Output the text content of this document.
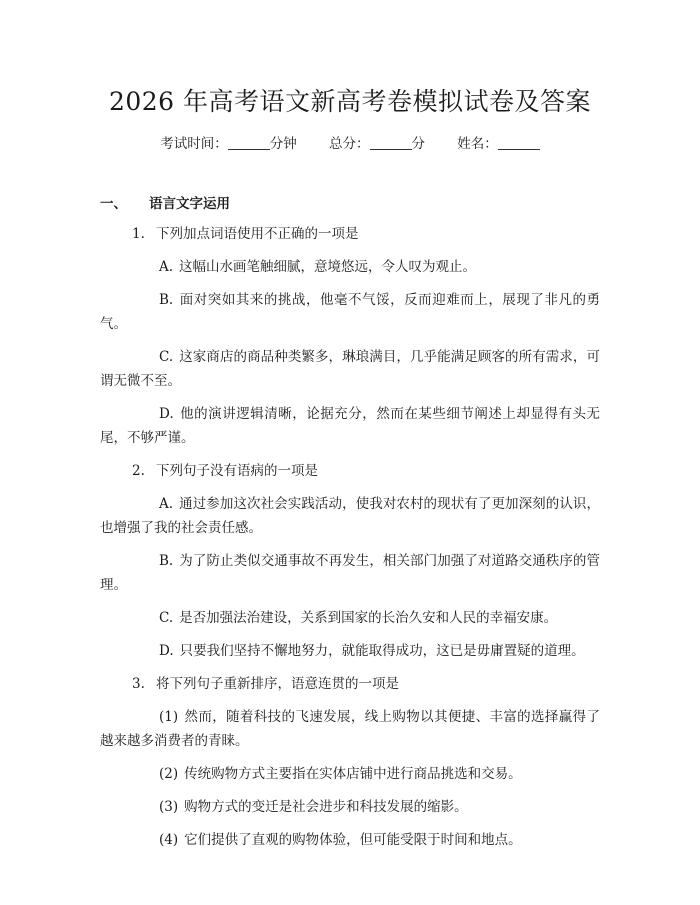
2026 年高考语文新高考卷模拟试卷及答案
考试时间：	分钟 总分：	分 姓名：
一、 语言文字运用
1. 下列加点词语使用不正确的一项是
A. 这幅山水画笔触细腻，意境悠远，令人叹为观止。
B. 面对突如其来的挑战，他毫不气馁，反而迎难而上，展现了非凡的勇气。
C. 这家商店的商品种类繁多，琳琅满目，几乎能满足顾客的所有需求，可谓无微不至。
D. 他的演讲逻辑清晰，论据充分，然而在某些细节阐述上却显得有头无尾，不够严谨。
2. 下列句子没有语病的一项是
A. 通过参加这次社会实践活动，使我对农村的现状有了更加深刻的认识，也增强了我的社会责任感。
B. 为了防止类似交通事故不再发生，相关部门加强了对道路交通秩序的管理。
C. 是否加强法治建设，关系到国家的长治久安和人民的幸福安康。
D. 只要我们坚持不懈地努力，就能取得成功，这已是毋庸置疑的道理。
3. 将下列句子重新排序，语意连贯的一项是
(1) 然而，随着科技的飞速发展，线上购物以其便捷、丰富的选择赢得了越来越多消费者的青睐。
(2) 传统购物方式主要指在实体店铺中进行商品挑选和交易。
(3) 购物方式的变迁是社会进步和科技发展的缩影。
(4) 它们提供了直观的购物体验，但可能受限于时间和地点。
